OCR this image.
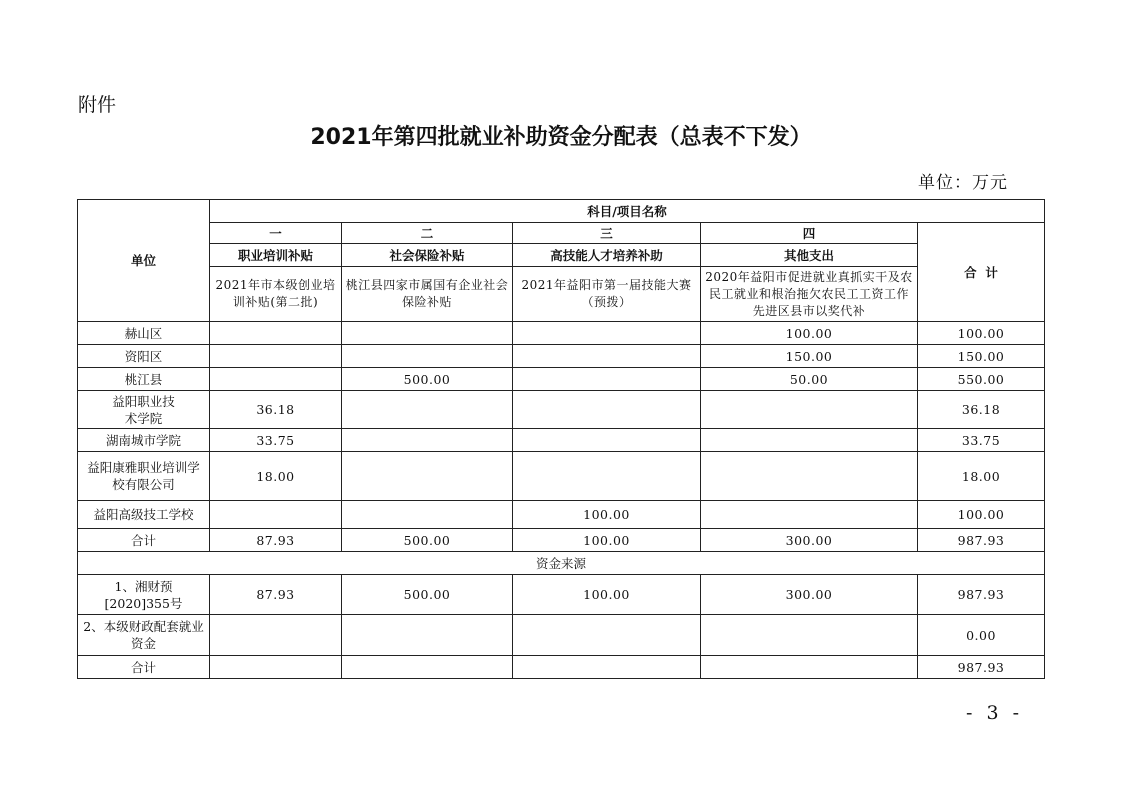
附件
2021年第四批就业补助资金分配表（总表不下发）
单位：万元
单位	科目/项目名称				
	一	二	三	四	合  计
	职业培训补贴	社会保险补贴	高技能人才培养补助	其他支出	
	2021年市本级创业培训补贴(第二批)	桃江县四家市属国有企业社会保险补贴	2021年益阳市第一届技能大赛（预拨）	2020年益阳市促进就业真抓实干及农民工就业和根治拖欠农民工工资工作先进区县市以奖代补	
赫山区				100.00	100.00
资阳区				150.00	150.00
桃江县		500.00		50.00	550.00
益阳职业技术学院	36.18				36.18
湖南城市学院	33.75				33.75
益阳康雅职业培训学校有限公司	18.00				18.00
益阳高级技工学校			100.00		100.00
合计	87.93	500.00	100.00	300.00	987.93
资金来源					
1、湘财预[2020]355号	87.93	500.00	100.00	300.00	987.93
2、本级财政配套就业资金					0.00
合计					987.93
- 3 -
